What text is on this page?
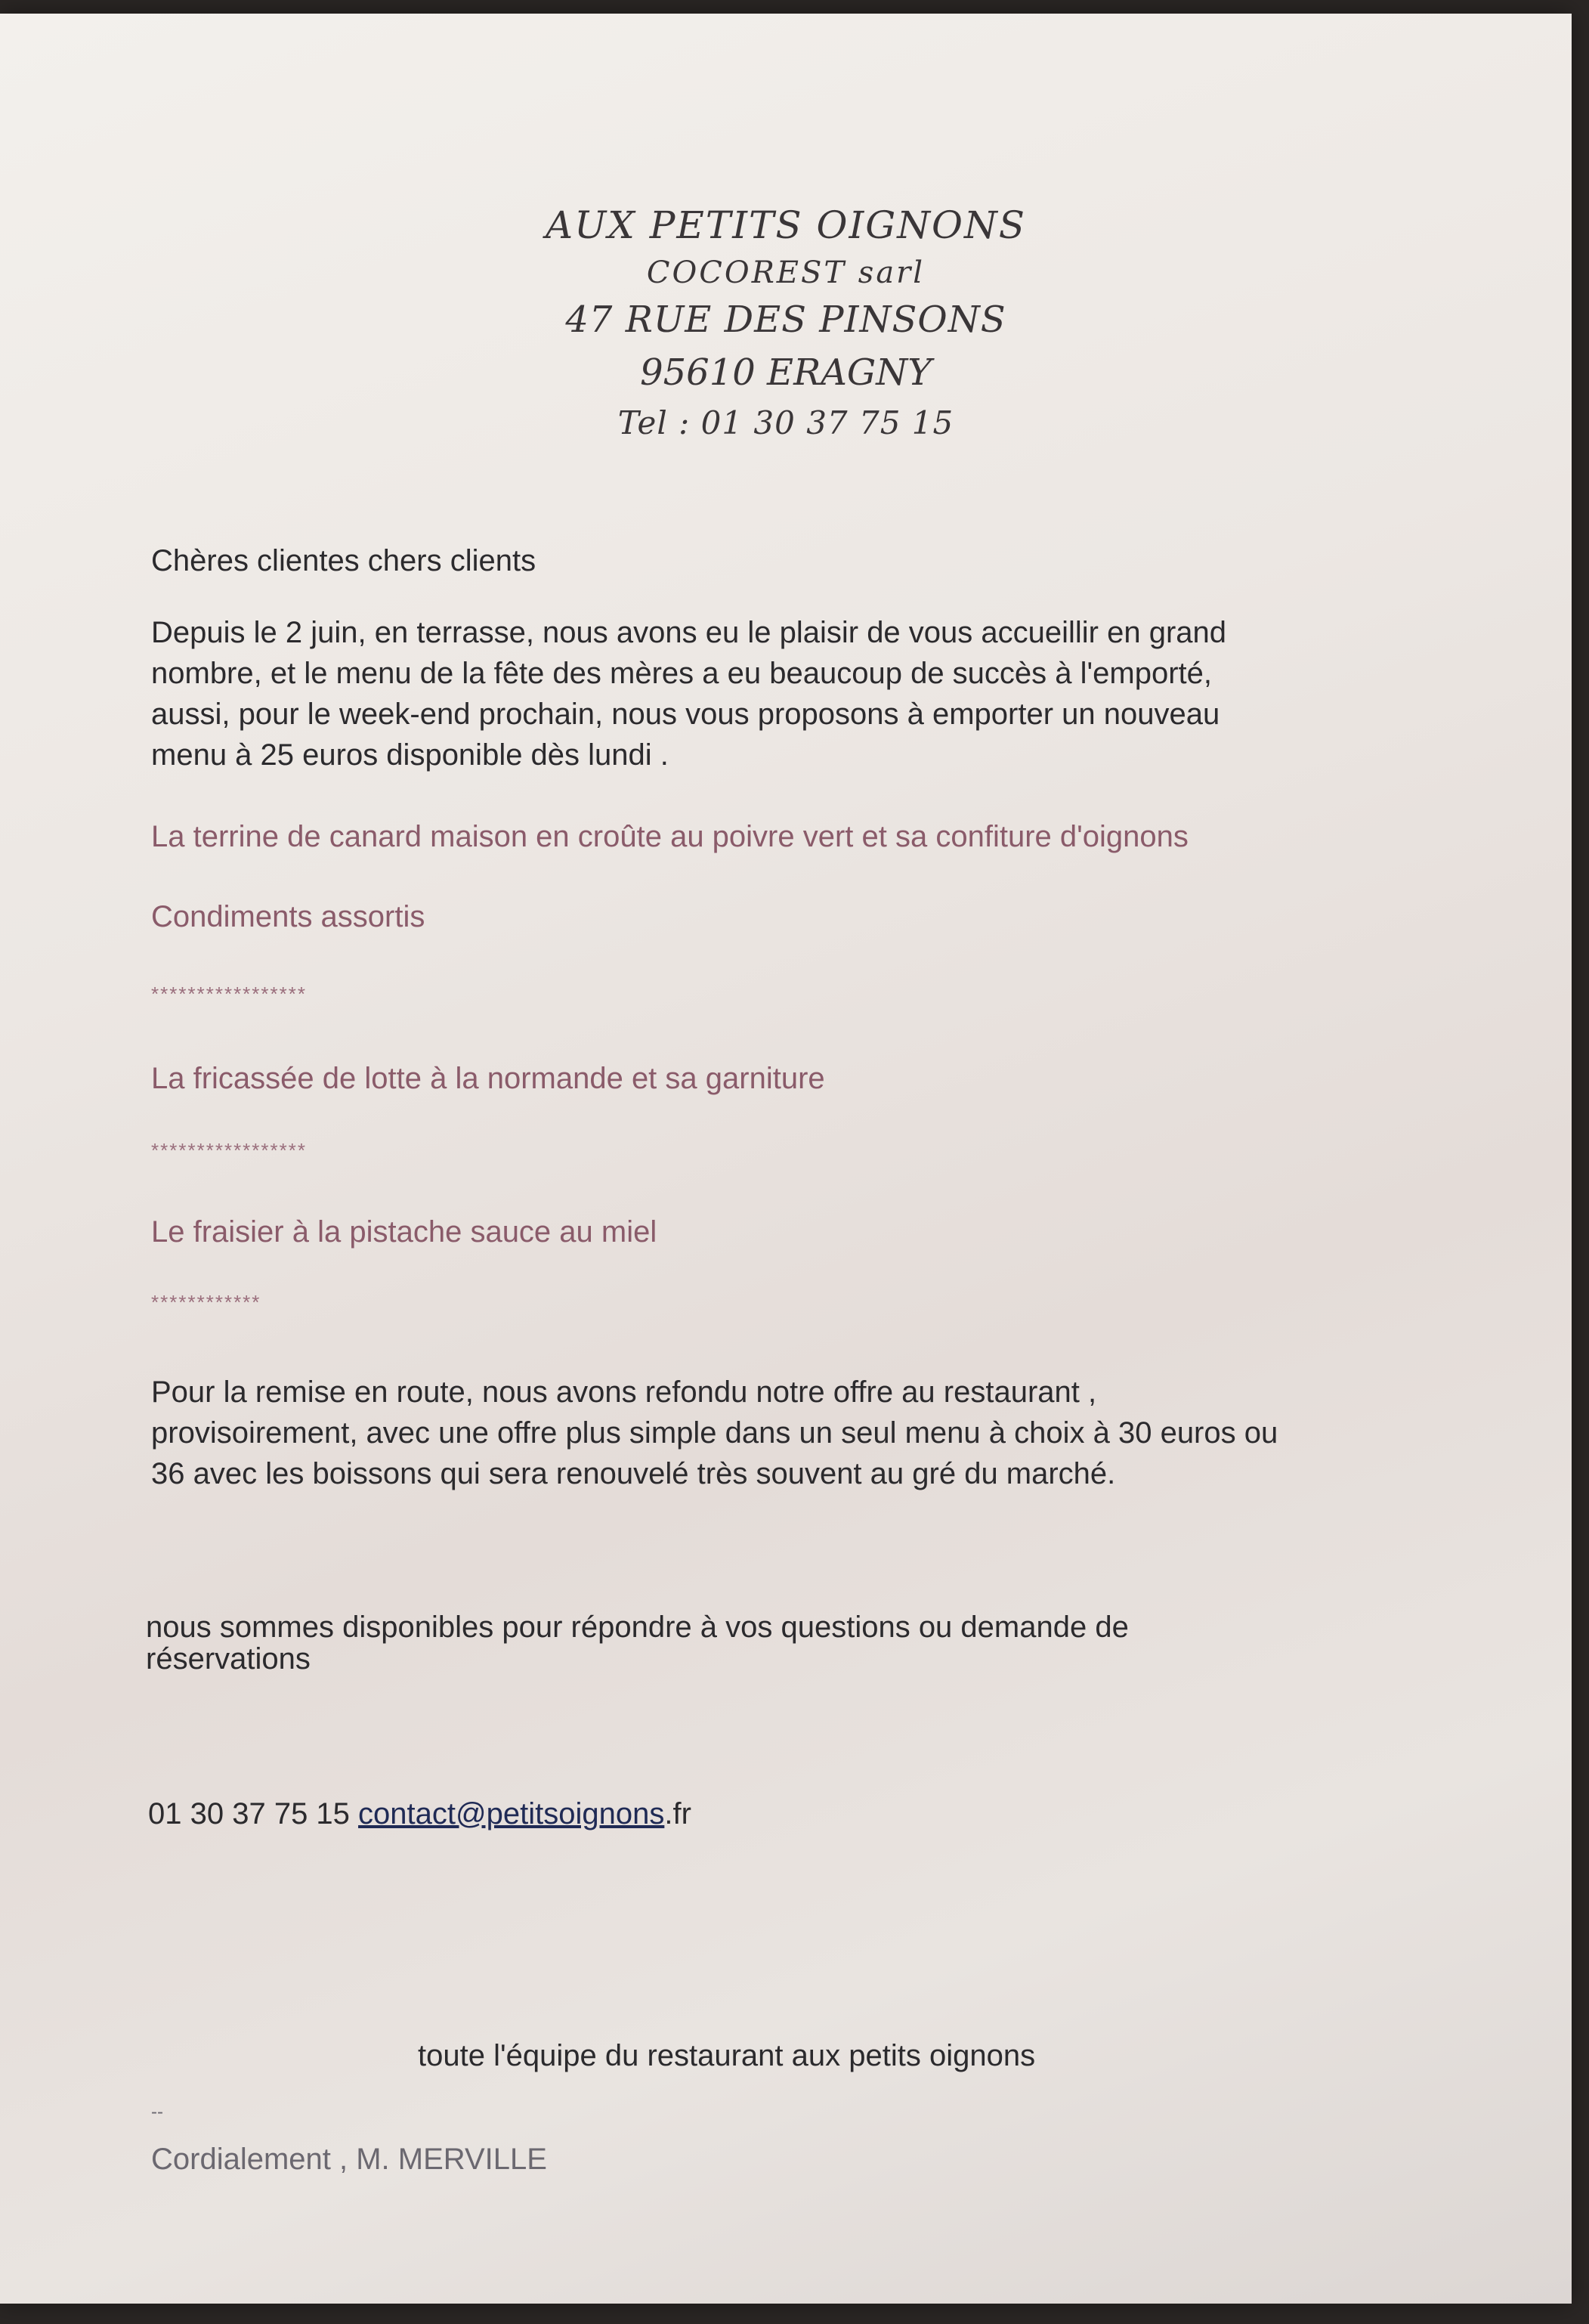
AUX PETITS OIGNONS
COCOREST sarl
47 RUE DES PINSONS
95610 ERAGNY
Tel : 01 30 37 75 15
Chères clientes chers clients
Depuis le 2 juin, en terrasse, nous avons eu le plaisir de vous accueillir en grand
nombre, et le menu de la fête des mères a eu beaucoup de succès à l'emporté,
aussi, pour le week-end prochain, nous vous proposons à emporter un nouveau
menu à 25 euros disponible dès lundi .
La terrine de canard maison en croûte au poivre vert et sa confiture d'oignons
Condiments assortis
*****************
La fricassée de lotte à la normande et sa garniture
*****************
Le fraisier à la pistache sauce au miel
************
Pour la remise en route, nous avons refondu notre offre au restaurant ,
provisoirement, avec une offre plus simple dans un seul menu à choix à 30 euros ou
36 avec les boissons qui sera renouvelé très souvent au gré du marché.
nous sommes disponibles pour répondre à vos questions ou demande de
réservations
01 30 37 75 15 contact@petitsoignons.fr
toute l'équipe du restaurant aux petits oignons
--
Cordialement , M. MERVILLE
